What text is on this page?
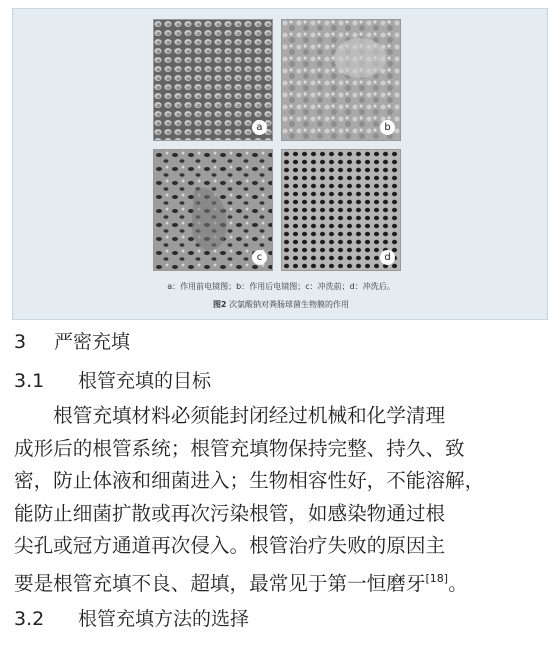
a	b
c	d
a：作用前电镜图；b：作用后电镜图；c：冲洗前；d：冲洗后。
图2 次氯酸钠对粪肠球菌生物膜的作用
3 严密充填
3.1 根管充填的目标
　　根管充填材料必须能封闭经过机械和化学清理
成形后的根管系统；根管充填物保持完整、持久、致
密，防止体液和细菌进入；生物相容性好，不能溶解，
能防止细菌扩散或再次污染根管，如感染物通过根
尖孔或冠方通道再次侵入。根管治疗失败的原因主
要是根管充填不良、超填，最常见于第一恒磨牙[18]。
3.2 根管充填方法的选择
